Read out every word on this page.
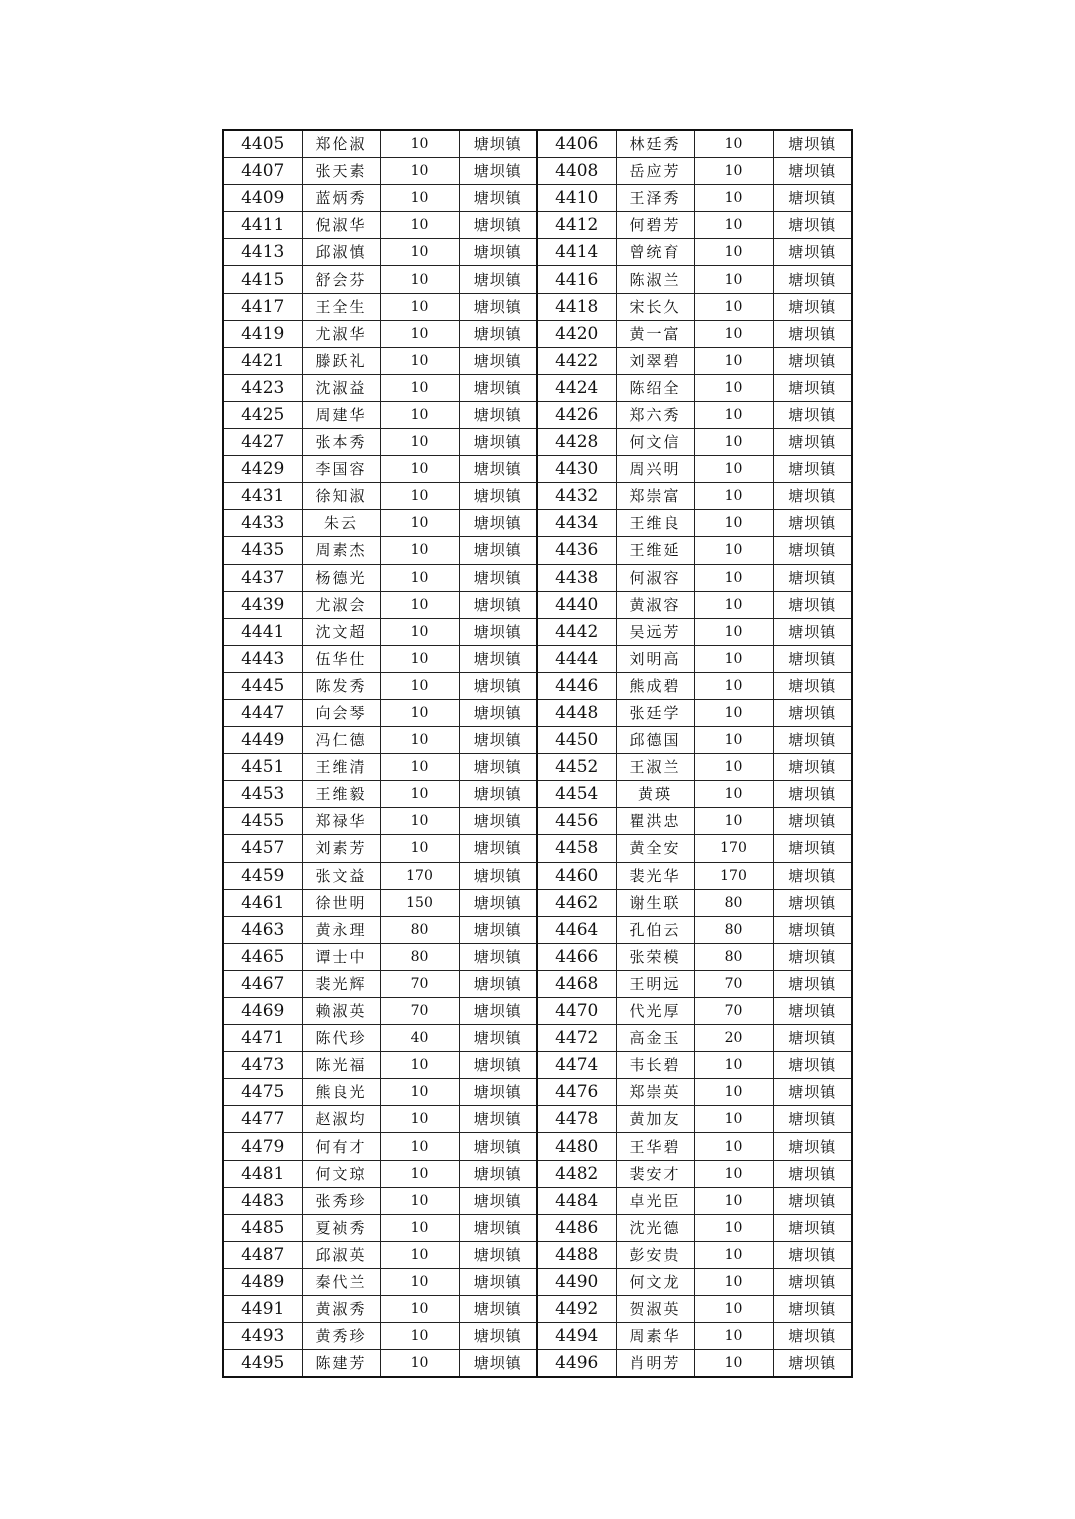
4405	郑伦淑	10	塘坝镇	4406	林廷秀	10	塘坝镇
4407	张天素	10	塘坝镇	4408	岳应芳	10	塘坝镇
4409	蓝炳秀	10	塘坝镇	4410	王泽秀	10	塘坝镇
4411	倪淑华	10	塘坝镇	4412	何碧芳	10	塘坝镇
4413	邱淑慎	10	塘坝镇	4414	曾统育	10	塘坝镇
4415	舒会芬	10	塘坝镇	4416	陈淑兰	10	塘坝镇
4417	王全生	10	塘坝镇	4418	宋长久	10	塘坝镇
4419	尤淑华	10	塘坝镇	4420	黄一富	10	塘坝镇
4421	滕跃礼	10	塘坝镇	4422	刘翠碧	10	塘坝镇
4423	沈淑益	10	塘坝镇	4424	陈绍全	10	塘坝镇
4425	周建华	10	塘坝镇	4426	郑六秀	10	塘坝镇
4427	张本秀	10	塘坝镇	4428	何文信	10	塘坝镇
4429	李国容	10	塘坝镇	4430	周兴明	10	塘坝镇
4431	徐知淑	10	塘坝镇	4432	郑崇富	10	塘坝镇
4433	朱云	10	塘坝镇	4434	王维良	10	塘坝镇
4435	周素杰	10	塘坝镇	4436	王维延	10	塘坝镇
4437	杨德光	10	塘坝镇	4438	何淑容	10	塘坝镇
4439	尤淑会	10	塘坝镇	4440	黄淑容	10	塘坝镇
4441	沈文超	10	塘坝镇	4442	吴远芳	10	塘坝镇
4443	伍华仕	10	塘坝镇	4444	刘明高	10	塘坝镇
4445	陈发秀	10	塘坝镇	4446	熊成碧	10	塘坝镇
4447	向会琴	10	塘坝镇	4448	张廷学	10	塘坝镇
4449	冯仁德	10	塘坝镇	4450	邱德国	10	塘坝镇
4451	王维清	10	塘坝镇	4452	王淑兰	10	塘坝镇
4453	王维毅	10	塘坝镇	4454	黄瑛	10	塘坝镇
4455	郑禄华	10	塘坝镇	4456	瞿洪忠	10	塘坝镇
4457	刘素芳	10	塘坝镇	4458	黄全安	170	塘坝镇
4459	张文益	170	塘坝镇	4460	裴光华	170	塘坝镇
4461	徐世明	150	塘坝镇	4462	谢生联	80	塘坝镇
4463	黄永理	80	塘坝镇	4464	孔伯云	80	塘坝镇
4465	谭士中	80	塘坝镇	4466	张荣模	80	塘坝镇
4467	裴光辉	70	塘坝镇	4468	王明远	70	塘坝镇
4469	赖淑英	70	塘坝镇	4470	代光厚	70	塘坝镇
4471	陈代珍	40	塘坝镇	4472	高金玉	20	塘坝镇
4473	陈光福	10	塘坝镇	4474	韦长碧	10	塘坝镇
4475	熊良光	10	塘坝镇	4476	郑崇英	10	塘坝镇
4477	赵淑均	10	塘坝镇	4478	黄加友	10	塘坝镇
4479	何有才	10	塘坝镇	4480	王华碧	10	塘坝镇
4481	何文琼	10	塘坝镇	4482	裴安才	10	塘坝镇
4483	张秀珍	10	塘坝镇	4484	卓光臣	10	塘坝镇
4485	夏祯秀	10	塘坝镇	4486	沈光德	10	塘坝镇
4487	邱淑英	10	塘坝镇	4488	彭安贵	10	塘坝镇
4489	秦代兰	10	塘坝镇	4490	何文龙	10	塘坝镇
4491	黄淑秀	10	塘坝镇	4492	贺淑英	10	塘坝镇
4493	黄秀珍	10	塘坝镇	4494	周素华	10	塘坝镇
4495	陈建芳	10	塘坝镇	4496	肖明芳	10	塘坝镇
